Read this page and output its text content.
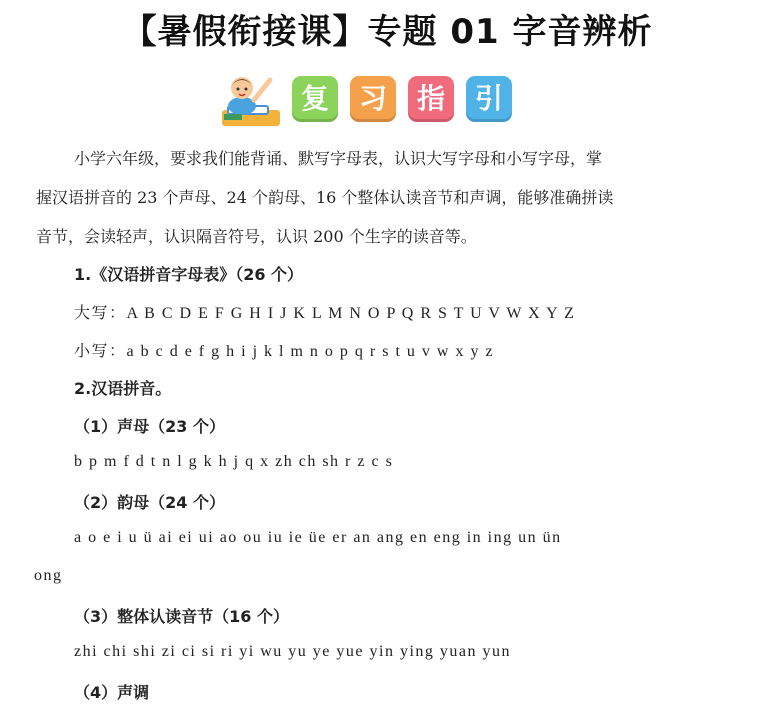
【暑假衔接课】专题 01 字音辨析
复	习	指	引
小学六年级，要求我们能背诵、默写字母表，认识大写字母和小写字母，掌
握汉语拼音的 23 个声母、24 个韵母、16 个整体认读音节和声调，能够准确拼读
音节，会读轻声，认识隔音符号，认识 200 个生字的读音等。
1.《汉语拼音字母表》（26 个）
大写：A B C D E F G H I J K L M N O P Q R S T U V W X Y Z
小写：a b c d e f g h i j k l m n o p q r s t u v w x y z
2.汉语拼音。
（1）声母（23 个）
b p m f d t n l g k h j q x zh ch sh r z c s
（2）韵母（24 个）
a o e i u ü ai ei ui ao ou iu ie üe er an ang en eng in ing un ün
ong
（3）整体认读音节（16 个）
zhi chi shi zi ci si ri yi wu yu ye yue yin ying yuan yun
（4）声调
